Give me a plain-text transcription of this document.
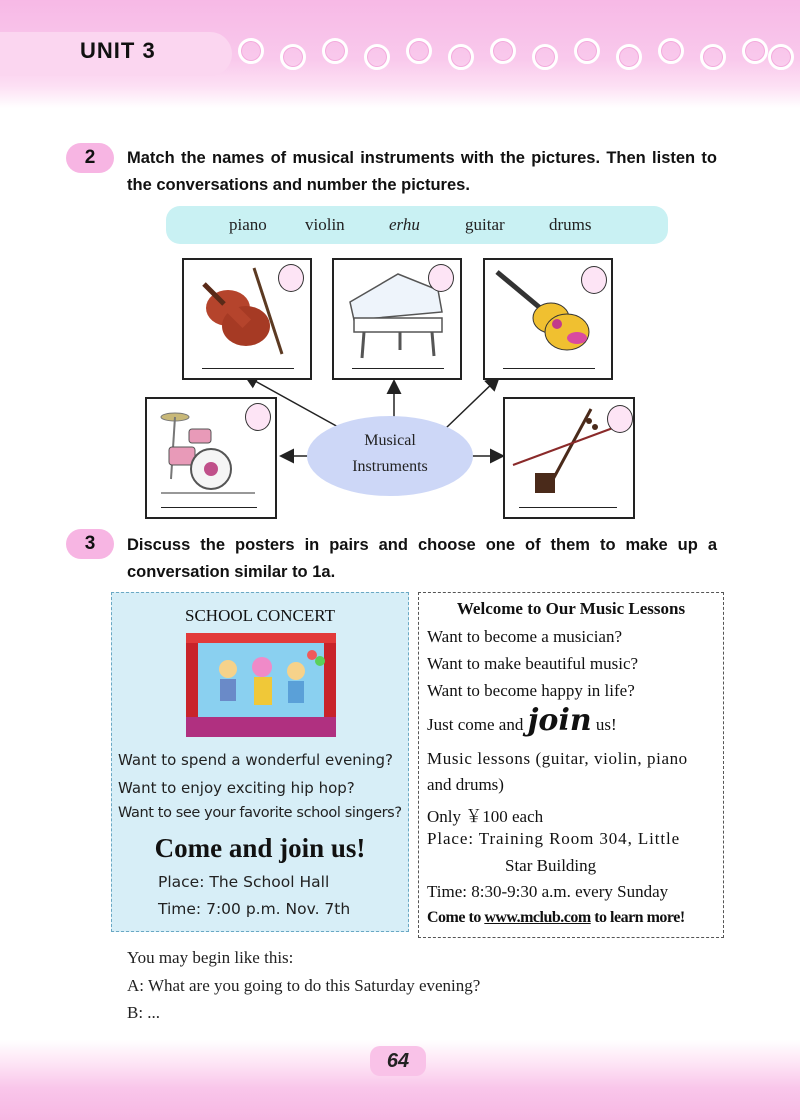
UNIT 3
2	Match the names of musical instruments with the pictures. Then listen to the conversations and number the pictures.
piano violin	erhu	guitar	drums
Musical
Instruments
3	Discuss the posters in pairs and choose one of them to make up a conversation similar to 1a.
SCHOOL CONCERT
Want to spend a wonderful evening?
Want to enjoy exciting hip hop?
Want to see your favorite school singers?
Come and join us!
Place: The School Hall
Time: 7:00 p.m. Nov. 7th
Welcome to Our Music Lessons
Want to become a musician?
Want to make beautiful music?
Want to become happy in life?
Just come and join us!
Music lessons (guitar, violin, piano
and drums)
Only ￥100 each
Place: Training Room 304, Little
Star Building
Time: 8:30-9:30 a.m. every Sunday
Come to www.mclub.com to learn more!
You may begin like this:
A: What are you going to do this Saturday evening?
B: ...
64
